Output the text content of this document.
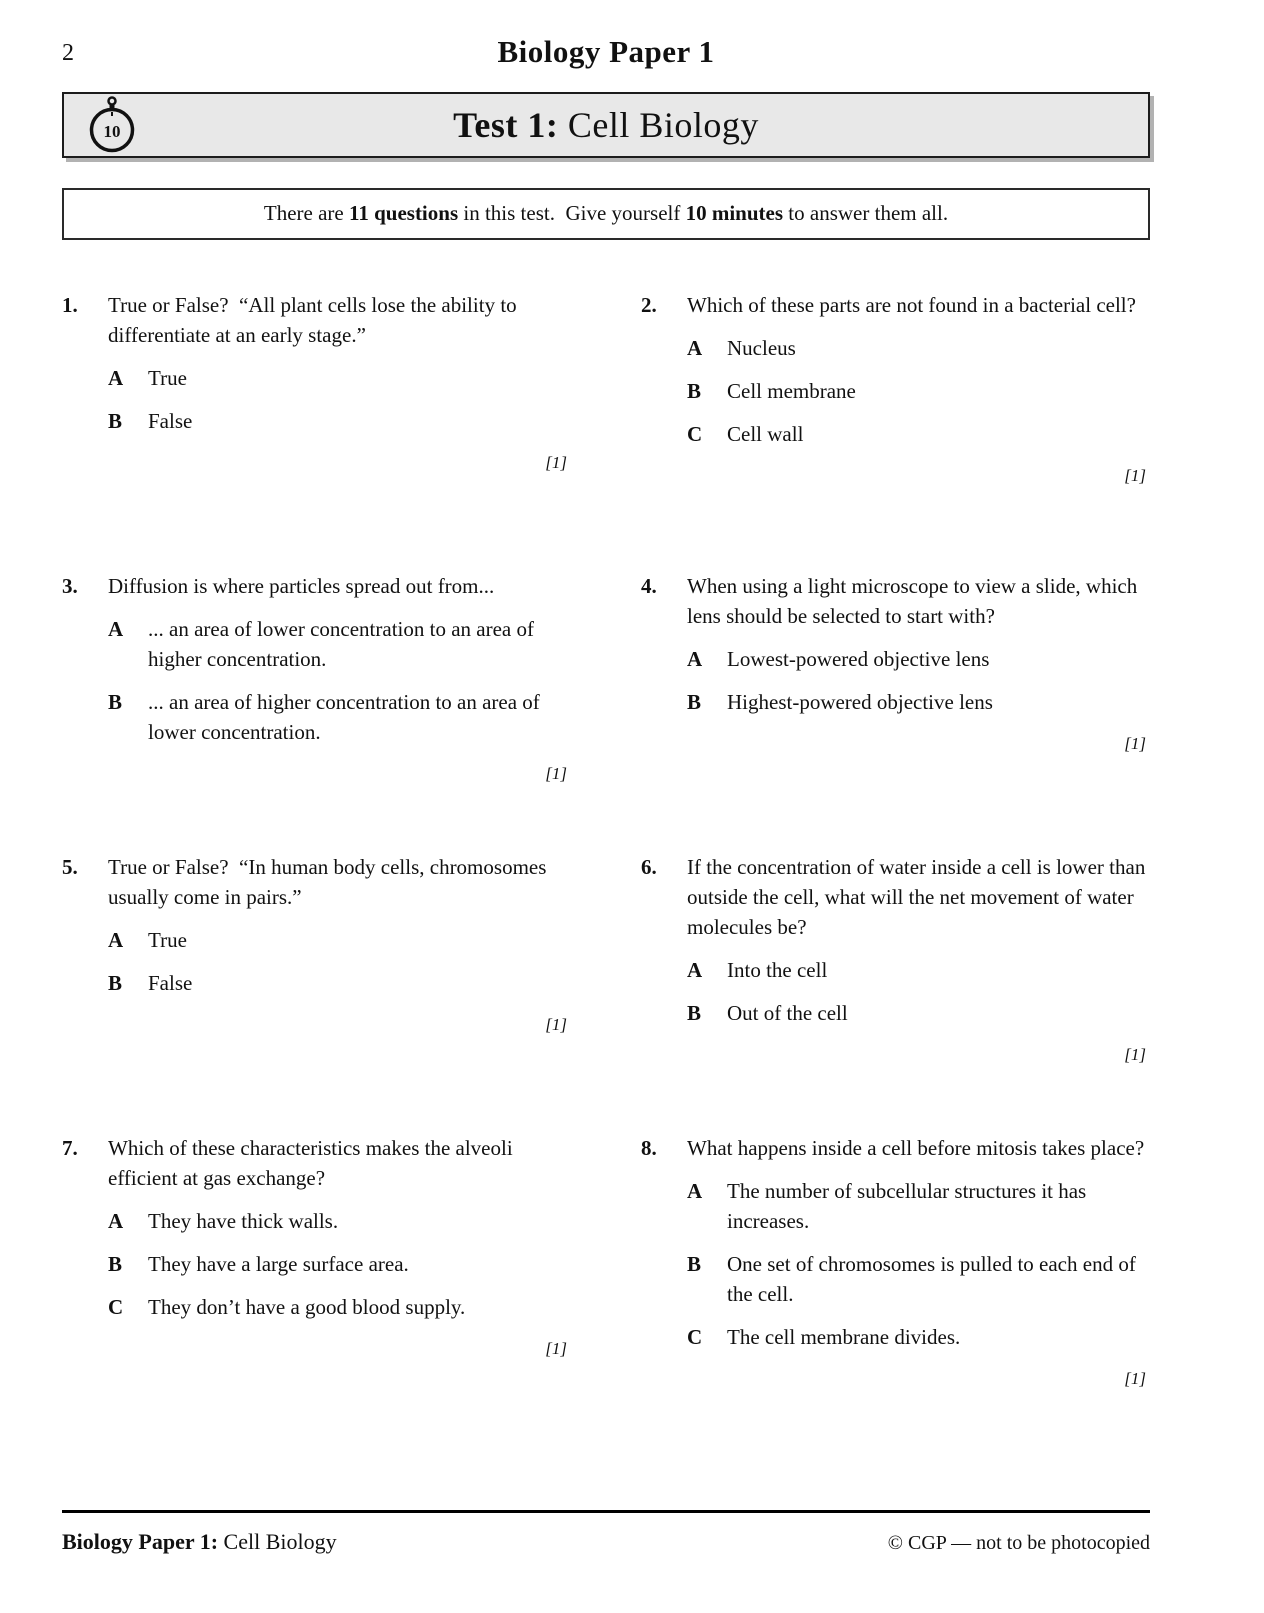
2	Biology Paper 1
10	Test 1: Cell Biology
There are 11 questions in this test.  Give yourself 10 minutes to answer them all.
1.	True or False?  “All plant cells lose the ability to differentiate at an early stage.”
A	True
B	False
[1]
2.	Which of these parts are not found in a bacterial cell?
A	Nucleus
B	Cell membrane
C	Cell wall
[1]
3.	Diffusion is where particles spread out from...
A	... an area of lower concentration to an area of higher concentration.
B	... an area of higher concentration to an area of lower concentration.
[1]
4.	When using a light microscope to view a slide, which lens should be selected to start with?
A	Lowest-powered objective lens
B	Highest-powered objective lens
[1]
5.	True or False?  “In human body cells, chromosomes usually come in pairs.”
A	True
B	False
[1]
6.	If the concentration of water inside a cell is lower than outside the cell, what will the net movement of water molecules be?
A	Into the cell
B	Out of the cell
[1]
7.	Which of these characteristics makes the alveoli efficient at gas exchange?
A	They have thick walls.
B	They have a large surface area.
C	They don’t have a good blood supply.
[1]
8.	What happens inside a cell before mitosis takes place?
A	The number of subcellular structures it has increases.
B	One set of chromosomes is pulled to each end of the cell.
C	The cell membrane divides.
[1]
Biology Paper 1: Cell Biology	© CGP — not to be photocopied
